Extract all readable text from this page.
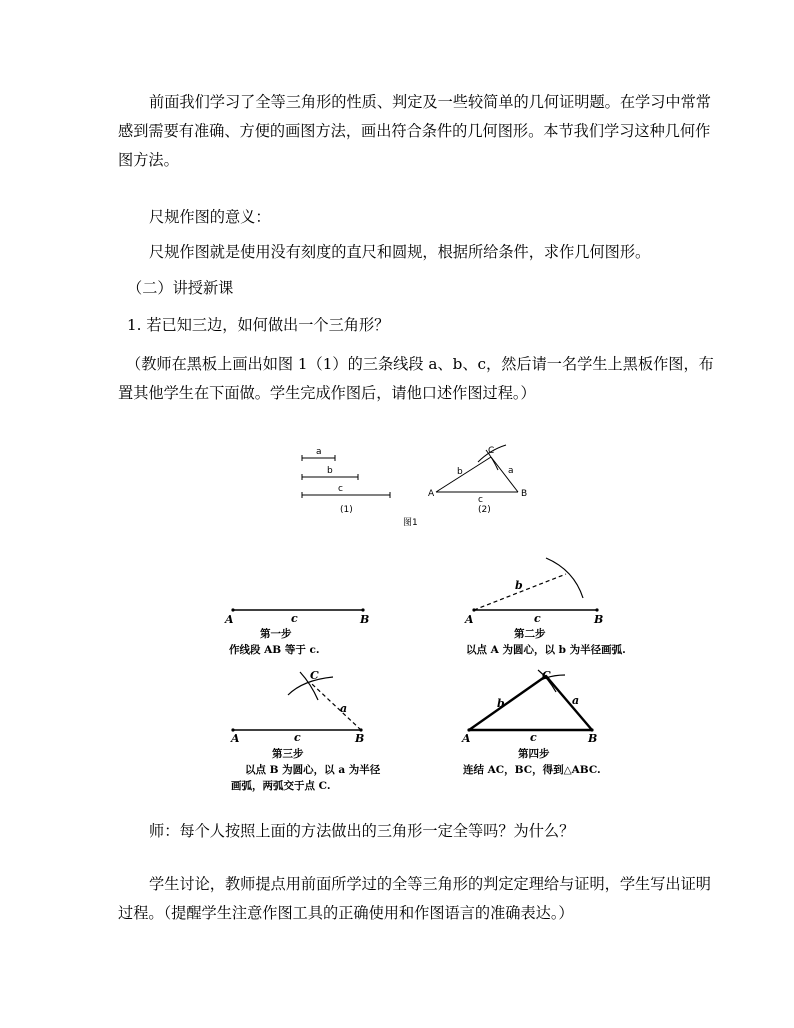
前面我们学习了全等三角形的性质、判定及一些较简单的几何证明题。在学习中常常感到需要有准确、方便的画图方法，画出符合条件的几何图形。本节我们学习这种几何作图方法。

尺规作图的意义：
尺规作图就是使用没有刻度的直尺和圆规，根据所给条件，求作几何图形。
（二）讲授新课
1. 若已知三边，如何做出一个三角形？

（教师在黑板上画出如图 1（1）的三条线段 a、b、c，然后请一名学生上黑板作图，布置其他学生在下面做。学生完成作图后，请他口述作图过程。）

a
b
c
(1)
A	B
C
a
b
c
(2)
图1
A	B
c
第一步
作线段 AB 等于 c.
A	B
c
b
第二步
以点 A 为圆心，以 b 为半径画弧.
A	B
C
c
a
第三步
以点 B 为圆心，以 a 为半径
画弧，两弧交于点 C.
A	B
C
a
b
c
第四步
连结 AC，BC，得到△ABC.
师：每个人按照上面的方法做出的三角形一定全等吗？为什么？

学生讨论，教师提点用前面所学过的全等三角形的判定定理给与证明，学生写出证明过程。（提醒学生注意作图工具的正确使用和作图语言的准确表达。）
